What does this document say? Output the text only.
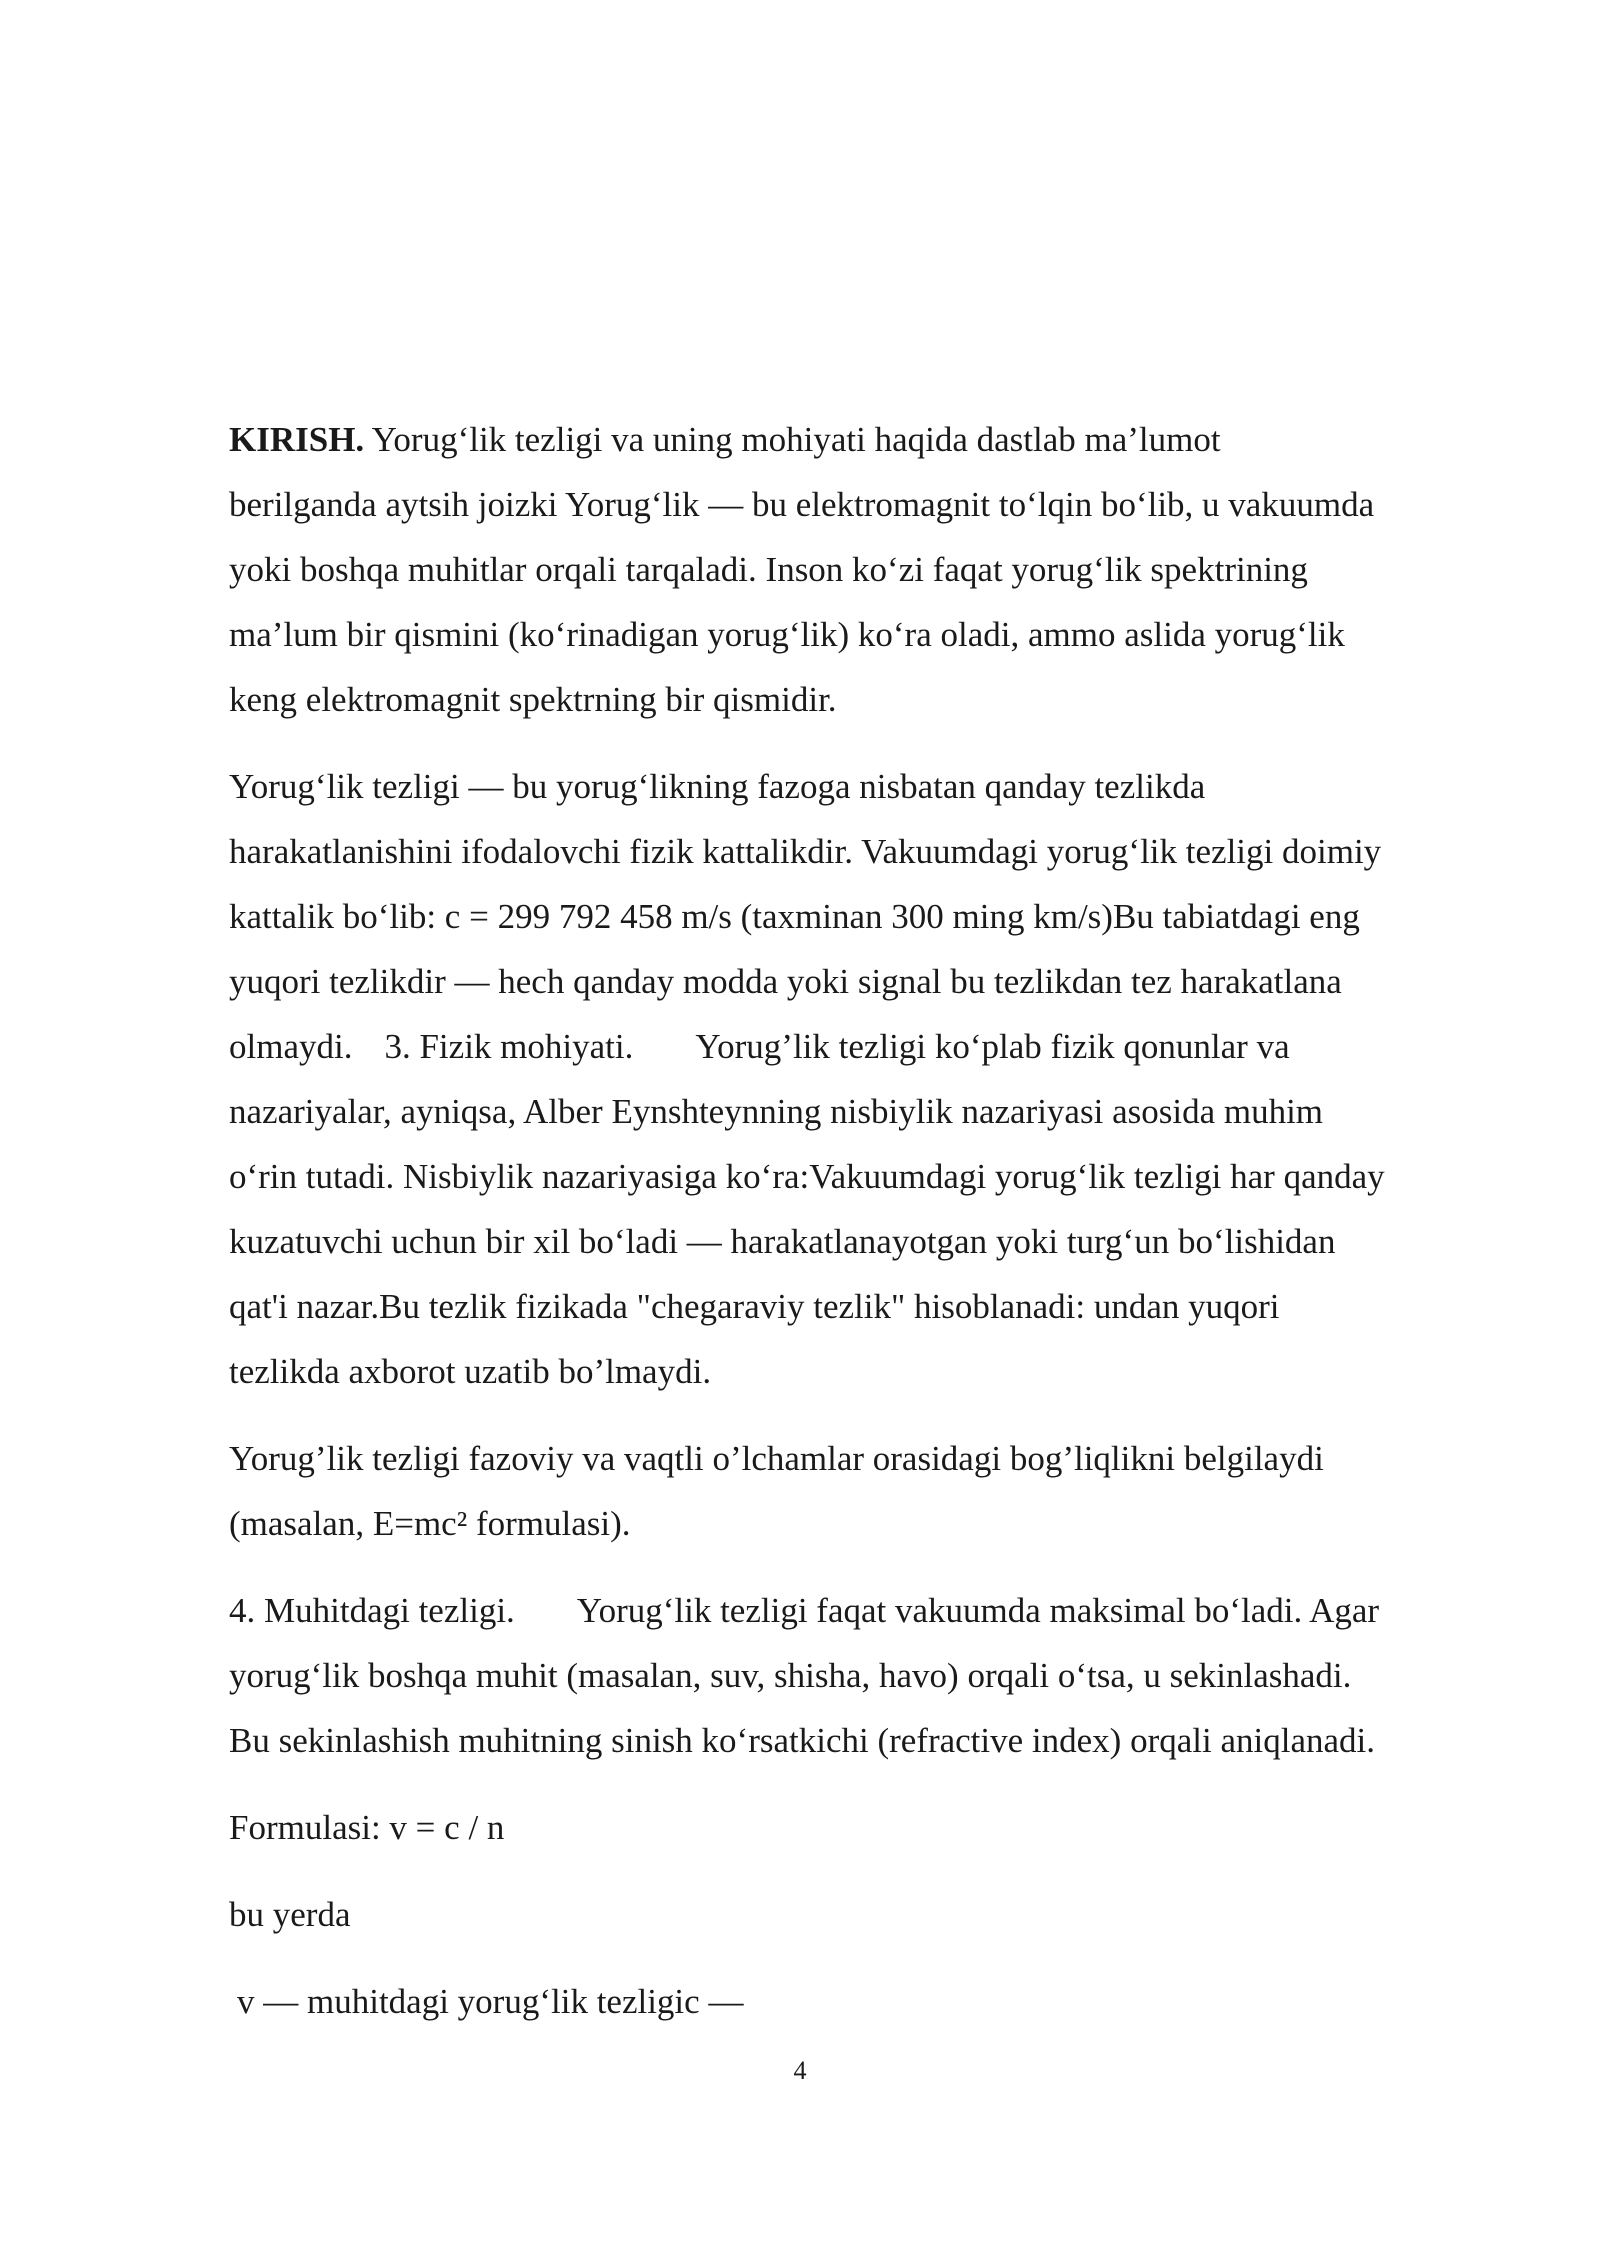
KIRISH. Yorug‘lik tezligi va uning mohiyati haqida dastlab ma’lumot
berilganda aytsih joizki Yorug‘lik — bu elektromagnit to‘lqin bo‘lib, u vakuumda
yoki boshqa muhitlar orqali tarqaladi. Inson ko‘zi faqat yorug‘lik spektrining
ma’lum bir qismini (ko‘rinadigan yorug‘lik) ko‘ra oladi, ammo aslida yorug‘lik
keng elektromagnit spektrning bir qismidir.

Yorug‘lik tezligi — bu yorug‘likning fazoga nisbatan qanday tezlikda
harakatlanishini ifodalovchi fizik kattalikdir. Vakuumdagi yorug‘lik tezligi doimiy
kattalik bo‘lib: c = 299 792 458 m/s (taxminan 300 ming km/s)Bu tabiatdagi eng
yuqori tezlikdir — hech qanday modda yoki signal bu tezlikdan tez harakatlana
olmaydi. 3. Fizik mohiyati. Yorug’lik tezligi ko‘plab fizik qonunlar va
nazariyalar, ayniqsa, Alber Eynshteynning nisbiylik nazariyasi asosida muhim
o‘rin tutadi. Nisbiylik nazariyasiga ko‘ra:Vakuumdagi yorug‘lik tezligi har qanday
kuzatuvchi uchun bir xil bo‘ladi — harakatlanayotgan yoki turg‘un bo‘lishidan
qat'i nazar.Bu tezlik fizikada "chegaraviy tezlik" hisoblanadi: undan yuqori
tezlikda axborot uzatib bo’lmaydi.

Yorug’lik tezligi fazoviy va vaqtli o’lchamlar orasidagi bog’liqlikni belgilaydi
(masalan, E=mc² formulasi).

4. Muhitdagi tezligi. Yorug‘lik tezligi faqat vakuumda maksimal bo‘ladi. Agar
yorug‘lik boshqa muhit (masalan, suv, shisha, havo) orqali o‘tsa, u sekinlashadi.
Bu sekinlashish muhitning sinish ko‘rsatkichi (refractive index) orqali aniqlanadi.

Formulasi: v = c / n

bu yerda

v — muhitdagi yorug‘lik tezligic —

4
